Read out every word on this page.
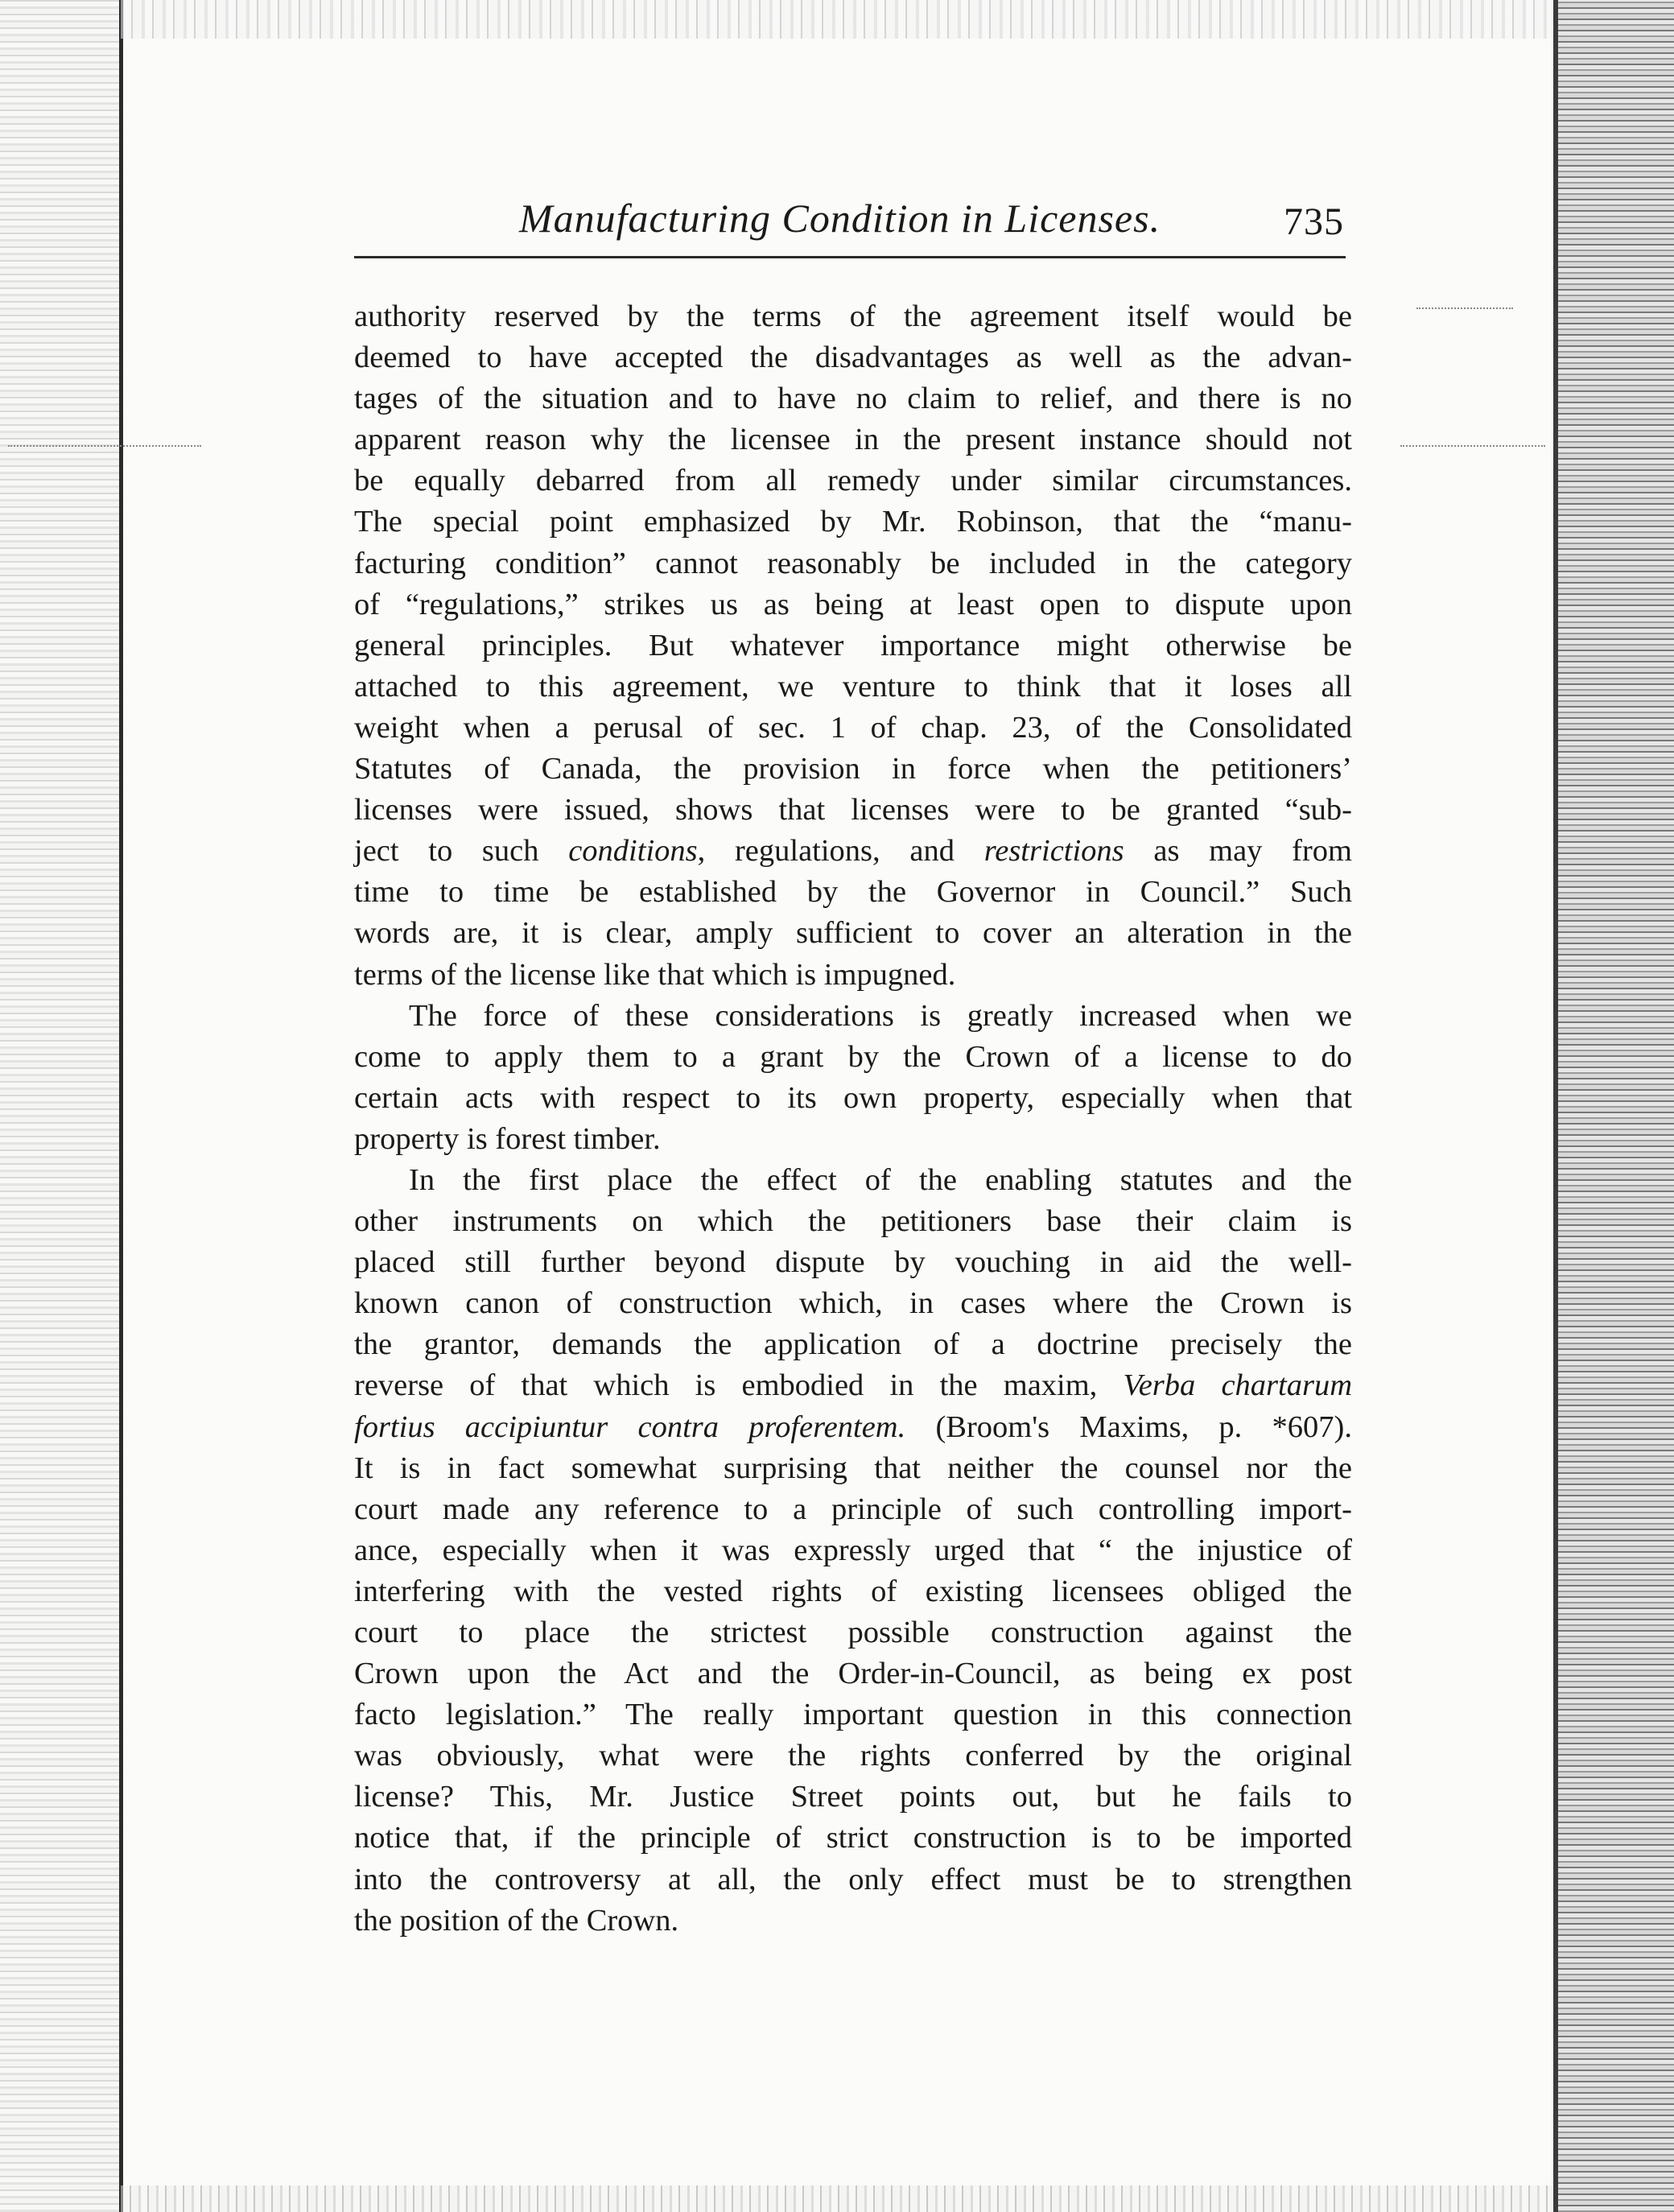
Manufacturing Condition in Licenses.	735
authority reserved by the terms of the agreement itself would be
deemed to have accepted the disadvantages as well as the advan-
tages of the situation and to have no claim to relief, and there is no
apparent reason why the licensee in the present instance should not
be equally debarred from all remedy under similar circumstances.
The special point emphasized by Mr. Robinson, that the “manu-
facturing condition” cannot reasonably be included in the category
of “regulations,” strikes us as being at least open to dispute upon
general principles. But whatever importance might otherwise be
attached to this agreement, we venture to think that it loses all
weight when a perusal of sec. 1 of chap. 23, of the Consolidated
Statutes of Canada, the provision in force when the petitioners’
licenses were issued, shows that licenses were to be granted “sub-
ject to such conditions, regulations, and restrictions as may from
time to time be established by the Governor in Council.” Such
words are, it is clear, amply sufficient to cover an alteration in the
terms of the license like that which is impugned.
The force of these considerations is greatly increased when we
come to apply them to a grant by the Crown of a license to do
certain acts with respect to its own property, especially when that
property is forest timber.
In the first place the effect of the enabling statutes and the
other instruments on which the petitioners base their claim is
placed still further beyond dispute by vouching in aid the well-
known canon of construction which, in cases where the Crown is
the grantor, demands the application of a doctrine precisely the
reverse of that which is embodied in the maxim, Verba chartarum
fortius accipiuntur contra proferentem. (Broom's Maxims, p. *607).
It is in fact somewhat surprising that neither the counsel nor the
court made any reference to a principle of such controlling import-
ance, especially when it was expressly urged that “ the injustice of
interfering with the vested rights of existing licensees obliged the
court to place the strictest possible construction against the
Crown upon the Act and the Order-in-Council, as being ex post
facto legislation.” The really important question in this connection
was obviously, what were the rights conferred by the original
license? This, Mr. Justice Street points out, but he fails to
notice that, if the principle of strict construction is to be imported
into the controversy at all, the only effect must be to strengthen
the position of the Crown.
